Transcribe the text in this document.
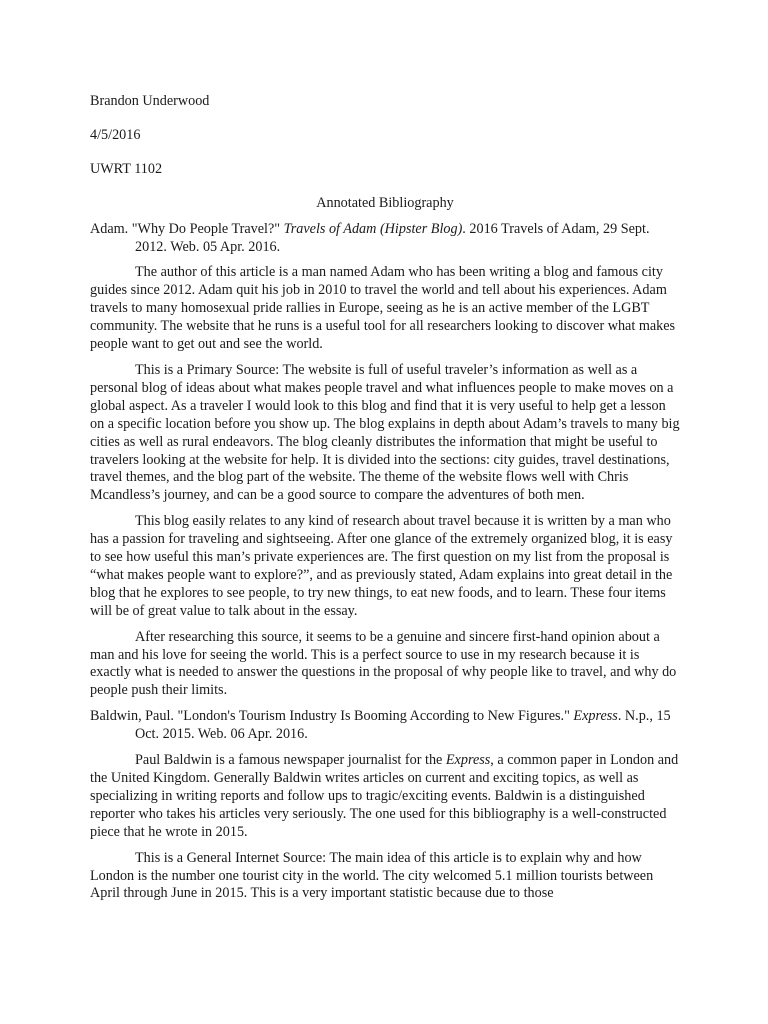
Brandon Underwood
4/5/2016
UWRT 1102
Annotated Bibliography
Adam. "Why Do People Travel?" Travels of Adam (Hipster Blog). 2016 Travels of Adam, 29 Sept. 2012. Web. 05 Apr. 2016.

The author of this article is a man named Adam who has been writing a blog and famous city guides since 2012. Adam quit his job in 2010 to travel the world and tell about his experiences. Adam travels to many homosexual pride rallies in Europe, seeing as he is an active member of the LGBT community. The website that he runs is a useful tool for all researchers looking to discover what makes people want to get out and see the world.

This is a Primary Source: The website is full of useful traveler’s information as well as a personal blog of ideas about what makes people travel and what influences people to make moves on a global aspect. As a traveler I would look to this blog and find that it is very useful to help get a lesson on a specific location before you show up. The blog explains in depth about Adam’s travels to many big cities as well as rural endeavors. The blog cleanly distributes the information that might be useful to travelers looking at the website for help. It is divided into the sections: city guides, travel destinations, travel themes, and the blog part of the website. The theme of the website flows well with Chris Mcandless’s journey, and can be a good source to compare the adventures of both men.

This blog easily relates to any kind of research about travel because it is written by a man who has a passion for traveling and sightseeing. After one glance of the extremely organized blog, it is easy to see how useful this man’s private experiences are. The first question on my list from the proposal is “what makes people want to explore?”, and as previously stated, Adam explains into great detail in the blog that he explores to see people, to try new things, to eat new foods, and to learn. These four items will be of great value to talk about in the essay.

After researching this source, it seems to be a genuine and sincere first-hand opinion about a man and his love for seeing the world. This is a perfect source to use in my research because it is exactly what is needed to answer the questions in the proposal of why people like to travel, and why do people push their limits.

Baldwin, Paul. "London's Tourism Industry Is Booming According to New Figures." Express. N.p., 15 Oct. 2015. Web. 06 Apr. 2016.

Paul Baldwin is a famous newspaper journalist for the Express, a common paper in London and the United Kingdom. Generally Baldwin writes articles on current and exciting topics, as well as specializing in writing reports and follow ups to tragic/exciting events. Baldwin is a distinguished reporter who takes his articles very seriously. The one used for this bibliography is a well-constructed piece that he wrote in 2015.

This is a General Internet Source: The main idea of this article is to explain why and how London is the number one tourist city in the world. The city welcomed 5.1 million tourists between April through June in 2015. This is a very important statistic because due to those
